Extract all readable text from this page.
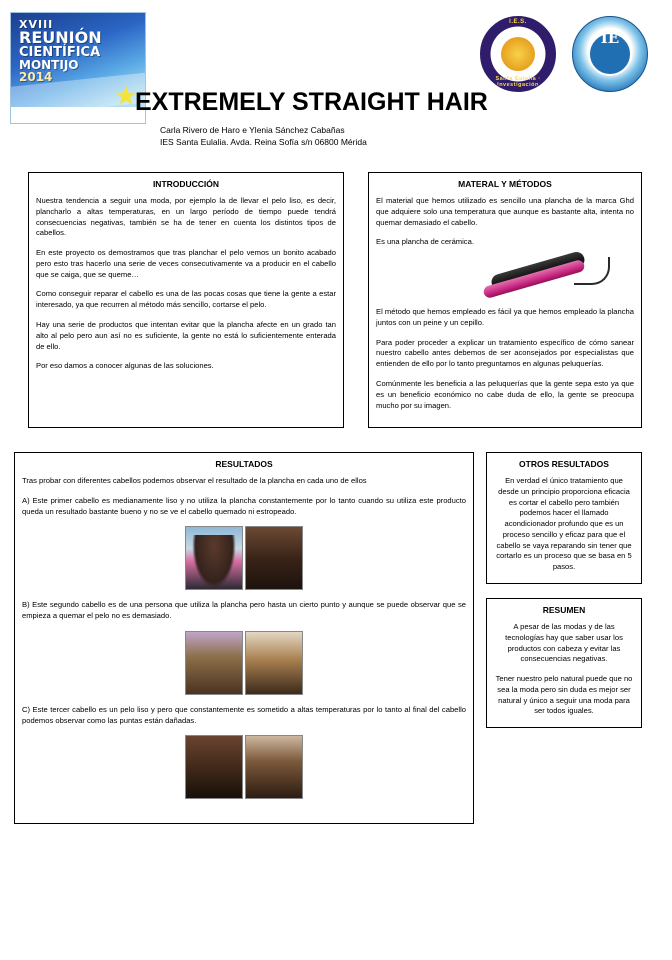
XVIII
REUNIÓN
CIENTÍFICA
MONTIJO
2014
I.E.S.
Santa Eulalia · Investigación
IE
EXTREMELY STRAIGHT HAIR
Carla Rivero de Haro e Ylenia Sánchez Cabañas
IES Santa Eulalia. Avda. Reina Sofía s/n 06800 Mérida
INTRODUCCIÓN

Nuestra tendencia a seguir una moda, por ejemplo la de llevar el pelo liso, es decir, plancharlo a altas temperaturas, en un largo período de tiempo puede tendrá consecuencias negativas, también se ha de tener en cuenta los distintos tipos de cabellos.

En este proyecto os demostramos que tras planchar el pelo vemos un bonito acabado pero esto tras hacerlo una serie de veces consecutivamente va a producir en el cabello que se caiga, que se queme…

Como conseguir reparar el cabello es una de las pocas cosas que tiene la gente a estar interesado, ya que recurren al método más sencillo, cortarse el pelo.

Hay una serie de productos que intentan evitar que la plancha afecte en un grado tan alto al pelo pero aun así no es suficiente, la gente no está lo suficientemente enterada de ello.

Por eso damos a conocer algunas de las soluciones.

MATERAL Y MÉTODOS

El material que hemos utilizado es sencillo una plancha de la marca Ghd que adquiere solo una temperatura que aunque es bastante alta, intenta no quemar demasiado el cabello.

Es una plancha de cerámica.

El método que hemos empleado es fácil ya que hemos empleado la plancha juntos con un peine y un cepillo.

Para poder proceder a explicar un tratamiento específico de cómo sanear nuestro cabello antes debemos de ser aconsejados por especialistas que entienden de ello por lo tanto preguntamos en algunas peluquerías.

Comúnmente les beneficia a las peluquerías que la gente sepa esto ya que es un beneficio económico no cabe duda de ello, la gente se preocupa mucho por su imagen.

RESULTADOS

Tras probar con diferentes cabellos podemos observar el resultado de la plancha en cada uno de ellos

A) Este primer cabello es medianamente liso y no utiliza la plancha constantemente por lo tanto cuando su utiliza este producto queda un resultado bastante bueno y no se ve el cabello quemado ni estropeado.

B) Este segundo cabello es de una persona que utiliza la plancha pero hasta un cierto punto y aunque se puede observar que se empieza a quemar el pelo no es demasiado.

C) Este tercer cabello es un pelo liso y pero que constantemente es sometido a altas temperaturas por lo tanto al final del cabello podemos observar como las puntas están dañadas.

OTROS RESULTADOS

En verdad el único tratamiento que desde un principio proporciona eficacia es cortar el cabello pero también podemos hacer el llamado acondicionador profundo que es un proceso sencillo y eficaz para que el cabello se vaya reparando sin tener que cortarlo es un proceso que se basa en 5 pasos.

RESUMEN

A pesar de las modas y de las tecnologías hay que saber usar los productos con cabeza y evitar las consecuencias negativas.

Tener nuestro pelo natural puede que no sea la moda pero sin duda es mejor ser natural y único a seguir una moda para ser todos iguales.
